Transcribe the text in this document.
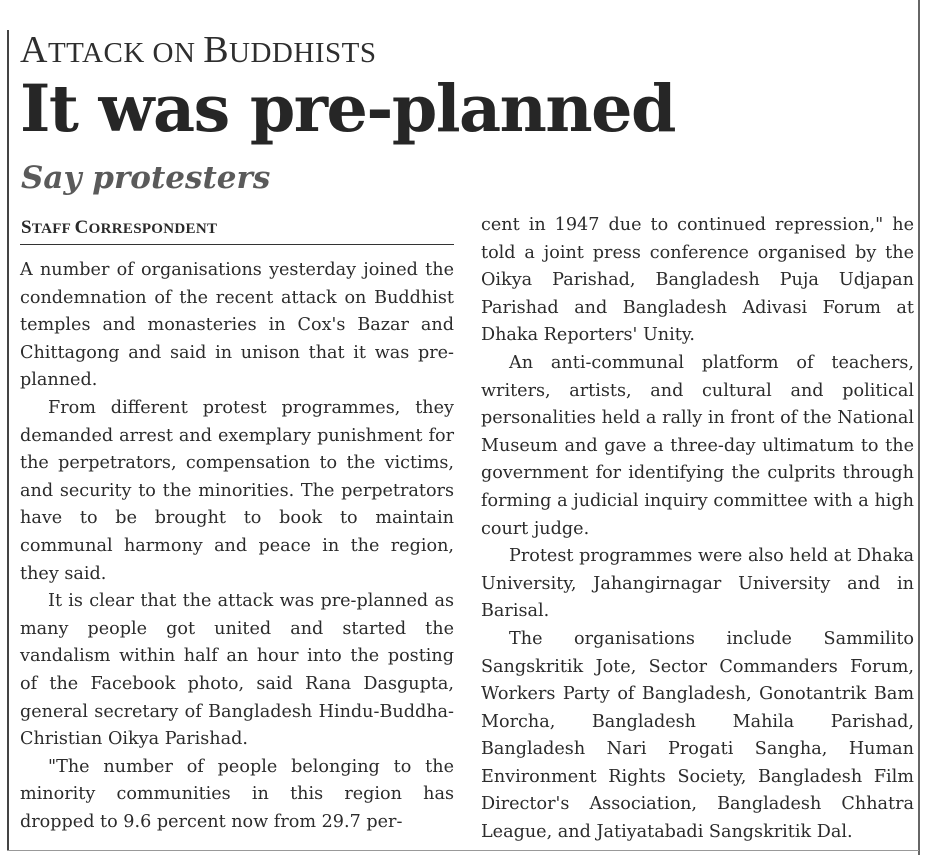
ATTACK ON BUDDHISTS
It was pre-planned
Say protesters
STAFF CORRESPONDENT

A number of organisations yesterday joined the condemnation of the recent attack on Buddhist temples and monasteries in Cox's Bazar and Chittagong and said in unison that it was pre-planned.

From different protest programmes, they demanded arrest and exemplary punishment for the perpetrators, compensation to the victims, and security to the minorities. The perpetrators have to be brought to book to maintain communal harmony and peace in the region, they said.

It is clear that the attack was pre-planned as many people got united and started the vandalism within half an hour into the posting of the Facebook photo, said Rana Dasgupta, general secretary of Bangladesh Hindu-Buddha-Christian Oikya Parishad.

"The number of people belonging to the minority communities in this region has dropped to 9.6 percent now from 29.7 per-

cent in 1947 due to continued repression," he told a joint press conference organised by the Oikya Parishad, Bangladesh Puja Udjapan Parishad and Bangladesh Adivasi Forum at Dhaka Reporters' Unity.

An anti-communal platform of teachers, writers, artists, and cultural and political personalities held a rally in front of the National Museum and gave a three-day ultimatum to the government for identifying the culprits through forming a judicial inquiry committee with a high court judge.

Protest programmes were also held at Dhaka University, Jahangirnagar University and in Barisal.

The organisations include Sammilito Sangskritik Jote, Sector Commanders Forum, Workers Party of Bangladesh, Gonotantrik Bam Morcha, Bangladesh Mahila Parishad, Bangladesh Nari Progati Sangha, Human Environment Rights Society, Bangladesh Film Director's Association, Bangladesh Chhatra League, and Jatiyatabadi Sangskritik Dal.
